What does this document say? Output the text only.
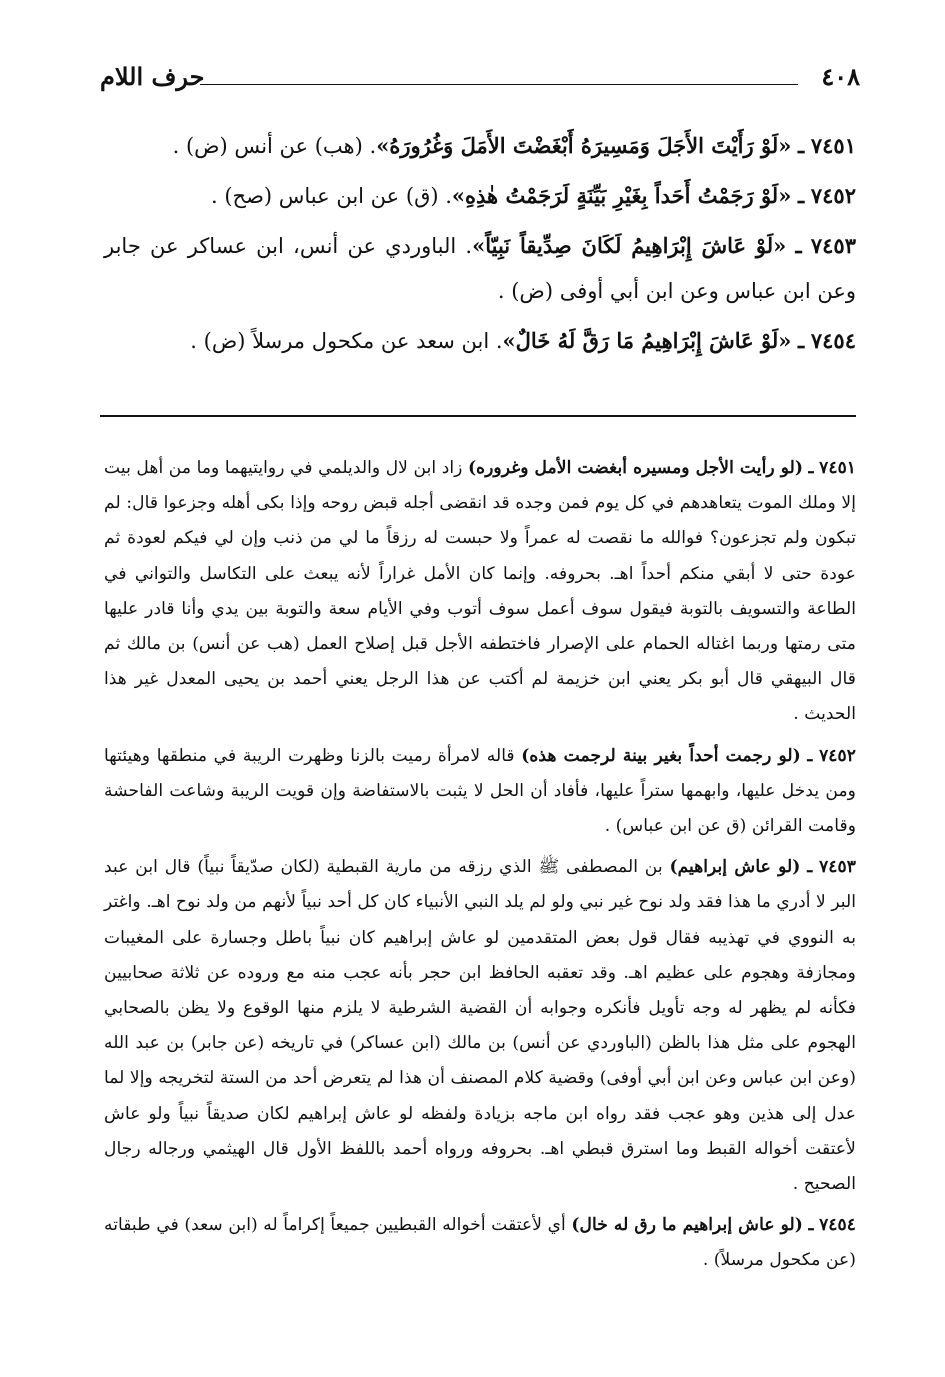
٤٠٨
حرف اللام

٧٤٥١ ـ «لَوْ رَأَيْتَ الأَجَلَ وَمَسِيرَهُ أَبْغَضْتَ الأَمَلَ وَغُرُورَهُ». (هب) عن أنس (ض) .

٧٤٥٢ ـ «لَوْ رَجَمْتُ أَحَداً بِغَيْرِ بَيِّنَةٍ لَرَجَمْتُ هٰذِهِ». (ق) عن ابن عباس (صح) .

٧٤٥٣ ـ «لَوْ عَاشَ إِبْرَاهِيمُ لَكَانَ صِدِّيقاً نَبِيّاً». الباوردي عن أنس، ابن عساكر عن جابر وعن ابن عباس وعن ابن أبي أوفى (ض) .

٧٤٥٤ ـ «لَوْ عَاشَ إِبْرَاهِيمُ مَا رَقَّ لَهُ خَالٌ». ابن سعد عن مكحول مرسلاً (ض) .

٧٤٥١ ـ (لو رأيت الأجل ومسيره أبغضت الأمل وغروره) زاد ابن لال والديلمي في روايتيهما وما من أهل بيت إلا وملك الموت يتعاهدهم في كل يوم فمن وجده قد انقضى أجله قبض روحه وإذا بكى أهله وجزعوا قال: لم تبكون ولم تجزعون؟ فوالله ما نقصت له عمراً ولا حبست له رزقاً ما لي من ذنب وإن لي فيكم لعودة ثم عودة حتى لا أبقي منكم أحداً اهـ. بحروفه. وإنما كان الأمل غراراً لأنه يبعث على التكاسل والتواني في الطاعة والتسويف بالتوبة فيقول سوف أعمل سوف أتوب وفي الأيام سعة والتوبة بين يدي وأنا قادر عليها متى رمتها وربما اغتاله الحمام على الإصرار فاختطفه الأجل قبل إصلاح العمل (هب عن أنس) بن مالك ثم قال البيهقي قال أبو بكر يعني ابن خزيمة لم أكتب عن هذا الرجل يعني أحمد بن يحيى المعدل غير هذا الحديث .

٧٤٥٢ ـ (لو رجمت أحداً بغير بينة لرجمت هذه) قاله لامرأة رميت بالزنا وظهرت الريبة في منطقها وهيئتها ومن يدخل عليها، وابهمها ستراً عليها، فأفاد أن الحل لا يثبت بالاستفاضة وإن قويت الريبة وشاعت الفاحشة وقامت القرائن (ق عن ابن عباس) .

٧٤٥٣ ـ (لو عاش إبراهيم) بن المصطفى ﷺ الذي رزقه من مارية القبطية (لكان صدّيقاً نبياً) قال ابن عبد البر لا أدري ما هذا فقد ولد نوح غير نبي ولو لم يلد النبي الأنبياء كان كل أحد نبياً لأنهم من ولد نوح اهـ. واغتر به النووي في تهذيبه فقال قول بعض المتقدمين لو عاش إبراهيم كان نبياً باطل وجسارة على المغيبات ومجازفة وهجوم على عظيم اهـ. وقد تعقبه الحافظ ابن حجر بأنه عجب منه مع وروده عن ثلاثة صحابيين فكأنه لم يظهر له وجه تأويل فأنكره وجوابه أن القضية الشرطية لا يلزم منها الوقوع ولا يظن بالصحابي الهجوم على مثل هذا بالظن (الباوردي عن أنس) بن مالك (ابن عساكر) في تاريخه (عن جابر) بن عبد الله (وعن ابن عباس وعن ابن أبي أوفى) وقضية كلام المصنف أن هذا لم يتعرض أحد من الستة لتخريجه وإلا لما عدل إلى هذين وهو عجب فقد رواه ابن ماجه بزيادة ولفظه لو عاش إبراهيم لكان صديقاً نبياً ولو عاش لأعتقت أخواله القبط وما استرق قبطي اهـ. بحروفه ورواه أحمد باللفظ الأول قال الهيثمي ورجاله رجال الصحيح .

٧٤٥٤ ـ (لو عاش إبراهيم ما رق له خال) أي لأعتقت أخواله القبطيين جميعاً إكراماً له (ابن سعد) في طبقاته (عن مكحول مرسلاً) .
